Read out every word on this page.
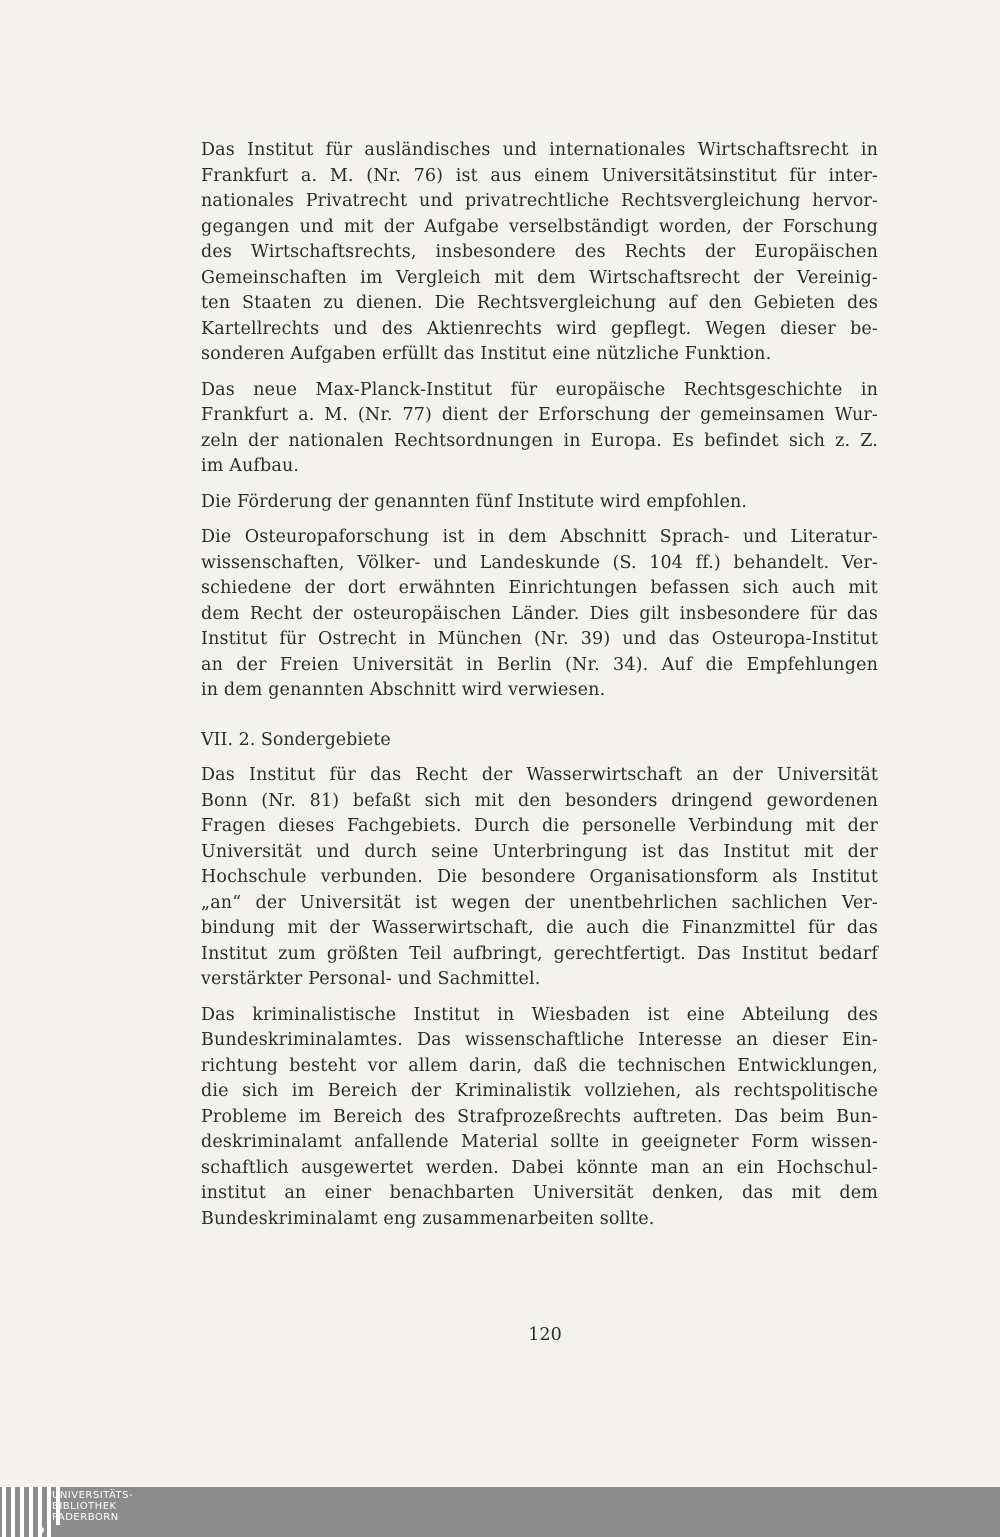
Das Institut für ausländisches und internationales Wirtschaftsrecht in
Frankfurt a. M. (Nr. 76) ist aus einem Universitätsinstitut für inter-
nationales Privatrecht und privatrechtliche Rechtsvergleichung hervor-
gegangen und mit der Aufgabe verselbständigt worden, der Forschung
des Wirtschaftsrechts, insbesondere des Rechts der Europäischen
Gemeinschaften im Vergleich mit dem Wirtschaftsrecht der Vereinig-
ten Staaten zu dienen. Die Rechtsvergleichung auf den Gebieten des
Kartellrechts und des Aktienrechts wird gepflegt. Wegen dieser be-
sonderen Aufgaben erfüllt das Institut eine nützliche Funktion.
Das neue Max-Planck-Institut für europäische Rechtsgeschichte in
Frankfurt a. M. (Nr. 77) dient der Erforschung der gemeinsamen Wur-
zeln der nationalen Rechtsordnungen in Europa. Es befindet sich z. Z.
im Aufbau.
Die Förderung der genannten fünf Institute wird empfohlen.
Die Osteuropaforschung ist in dem Abschnitt Sprach- und Literatur-
wissenschaften, Völker- und Landeskunde (S. 104 ff.) behandelt. Ver-
schiedene der dort erwähnten Einrichtungen befassen sich auch mit
dem Recht der osteuropäischen Länder. Dies gilt insbesondere für das
Institut für Ostrecht in München (Nr. 39) und das Osteuropa-Institut
an der Freien Universität in Berlin (Nr. 34). Auf die Empfehlungen
in dem genannten Abschnitt wird verwiesen.
VII. 2. Sondergebiete
Das Institut für das Recht der Wasserwirtschaft an der Universität
Bonn (Nr. 81) befaßt sich mit den besonders dringend gewordenen
Fragen dieses Fachgebiets. Durch die personelle Verbindung mit der
Universität und durch seine Unterbringung ist das Institut mit der
Hochschule verbunden. Die besondere Organisationsform als Institut
„an“ der Universität ist wegen der unentbehrlichen sachlichen Ver-
bindung mit der Wasserwirtschaft, die auch die Finanzmittel für das
Institut zum größten Teil aufbringt, gerechtfertigt. Das Institut bedarf
verstärkter Personal- und Sachmittel.
Das kriminalistische Institut in Wiesbaden ist eine Abteilung des
Bundeskriminalamtes. Das wissenschaftliche Interesse an dieser Ein-
richtung besteht vor allem darin, daß die technischen Entwicklungen,
die sich im Bereich der Kriminalistik vollziehen, als rechtspolitische
Probleme im Bereich des Strafprozeßrechts auftreten. Das beim Bun-
deskriminalamt anfallende Material sollte in geeigneter Form wissen-
schaftlich ausgewertet werden. Dabei könnte man an ein Hochschul-
institut an einer benachbarten Universität denken, das mit dem
Bundeskriminalamt eng zusammenarbeiten sollte.
120
UNIVERSITÄTS-
BIBLIOTHEK
PADERBORN
